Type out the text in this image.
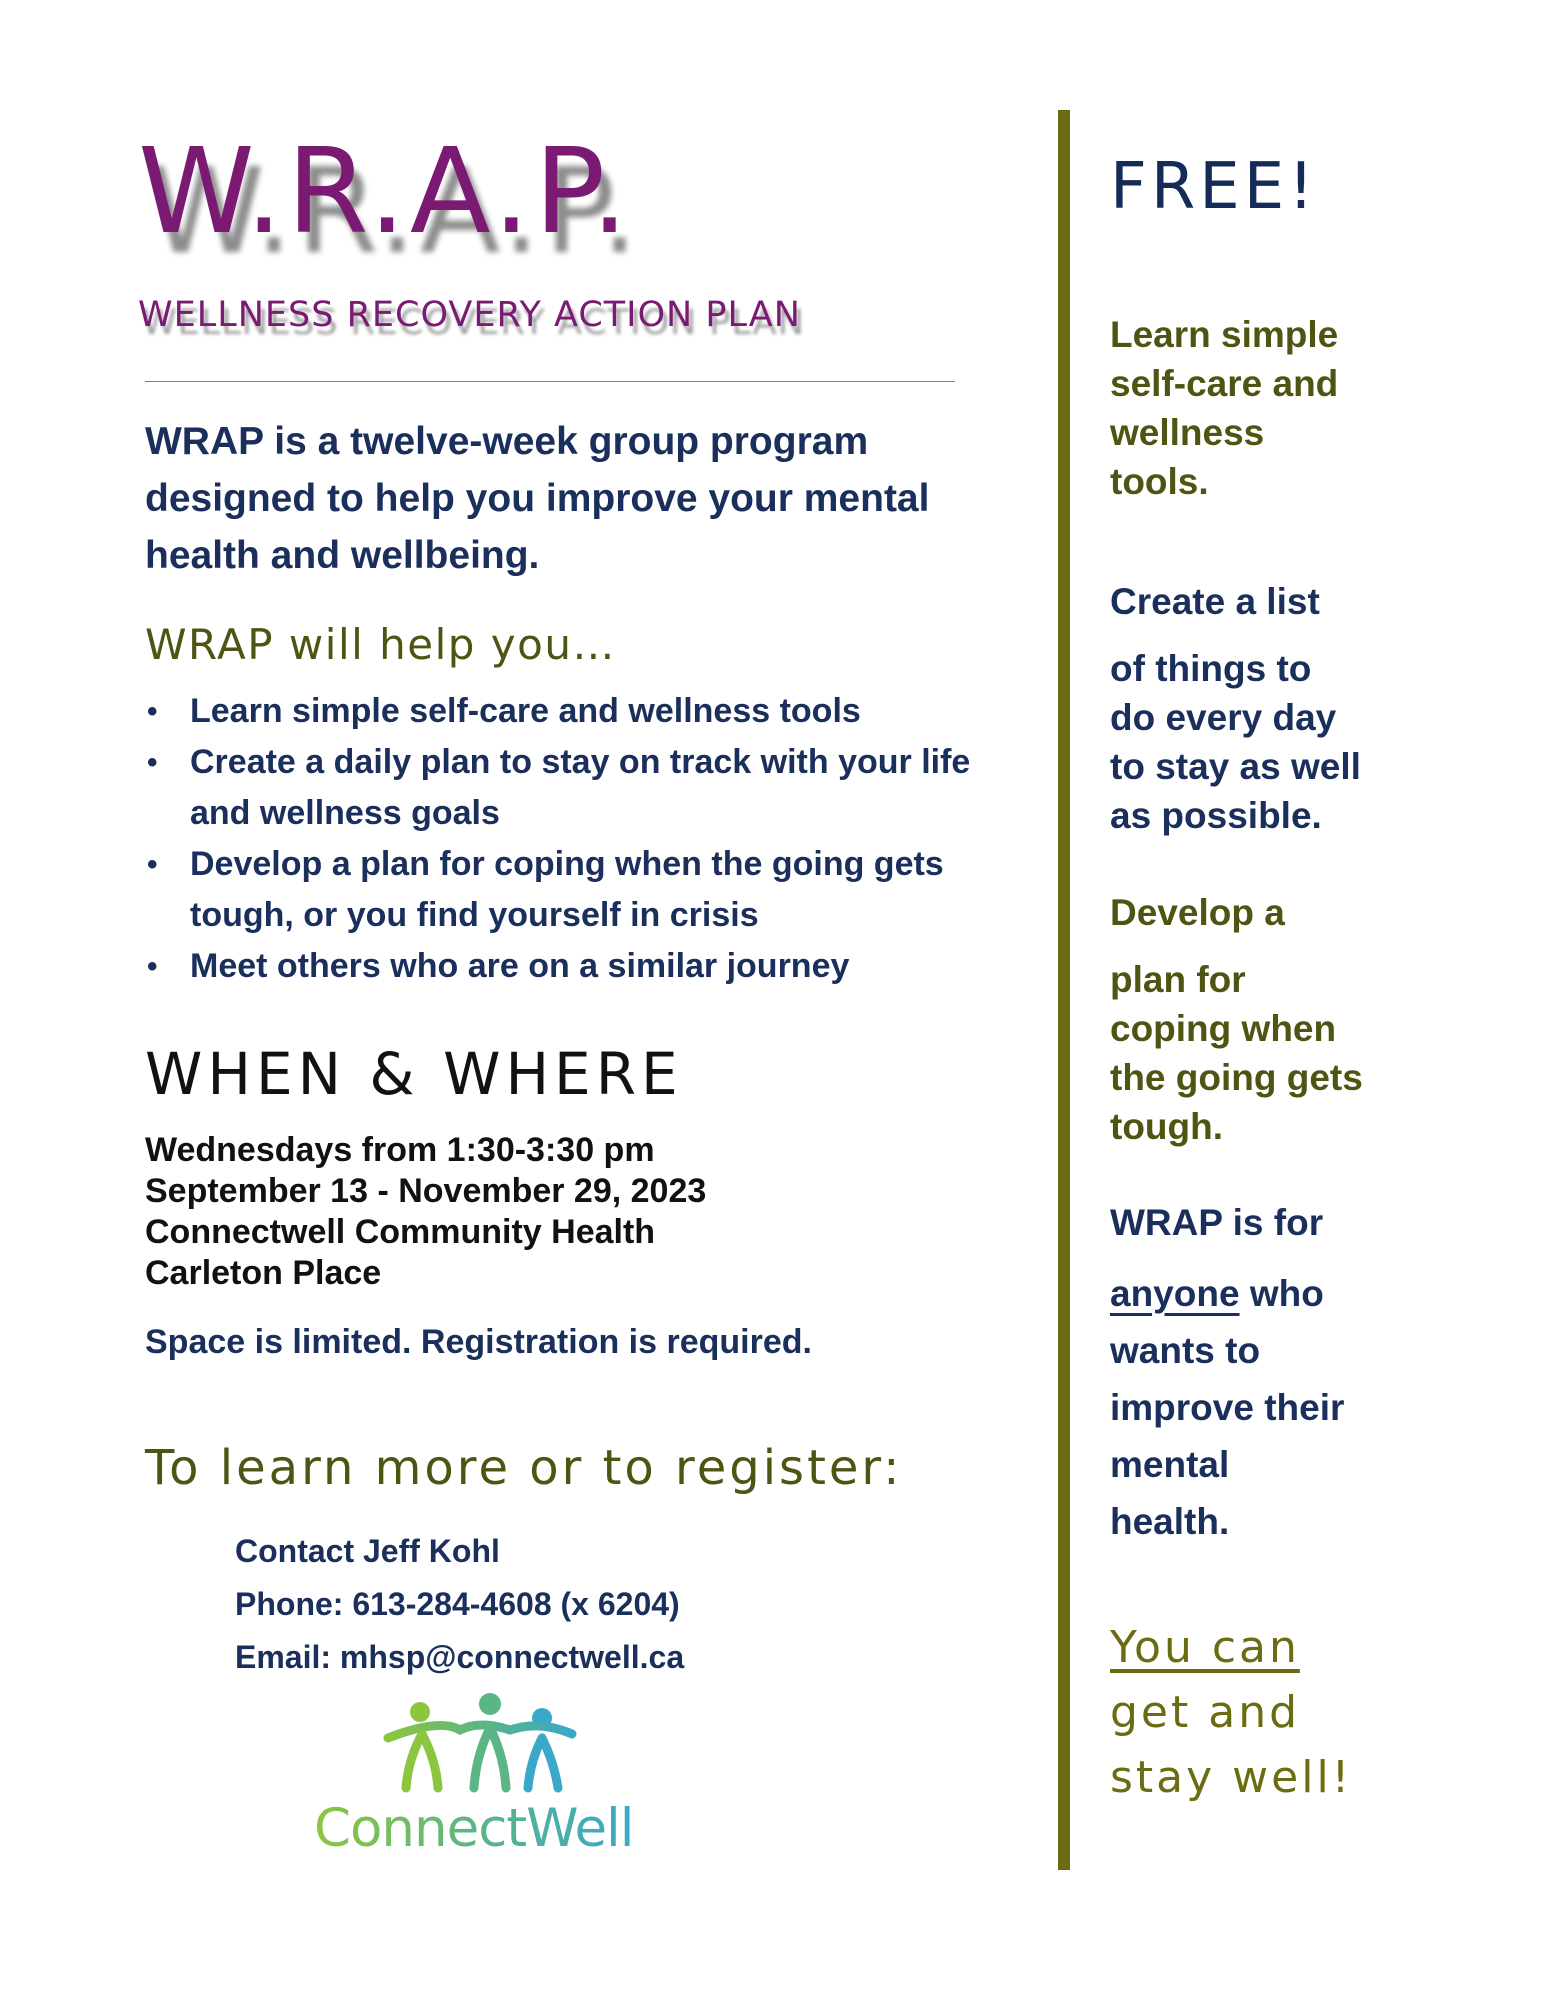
W.R.A.P.
WELLNESS RECOVERY ACTION PLAN
WRAP is a twelve-week group program designed to help you improve your mental health and wellbeing.
WRAP will help you…
• Learn simple self-care and wellness tools
• Create a daily plan to stay on track with your life and wellness goals
• Develop a plan for coping when the going gets tough, or you find yourself in crisis
• Meet others who are on a similar journey
WHEN & WHERE
Wednesdays from 1:30-3:30 pm
September 13 - November 29, 2023
Connectwell Community Health
Carleton Place
Space is limited. Registration is required.
To learn more or to register:
Contact Jeff Kohl
Phone: 613-284-4608 (x 6204)
Email: mhsp@connectwell.ca
ConnectWell
FREE!
Learn simple
self-care and
wellness
tools.
Create a list
of things to
do every day
to stay as well
as possible.
Develop a
plan for
coping when
the going gets
tough.
WRAP is for
anyone who
wants to
improve their
mental
health.
You can
get and
stay well!
